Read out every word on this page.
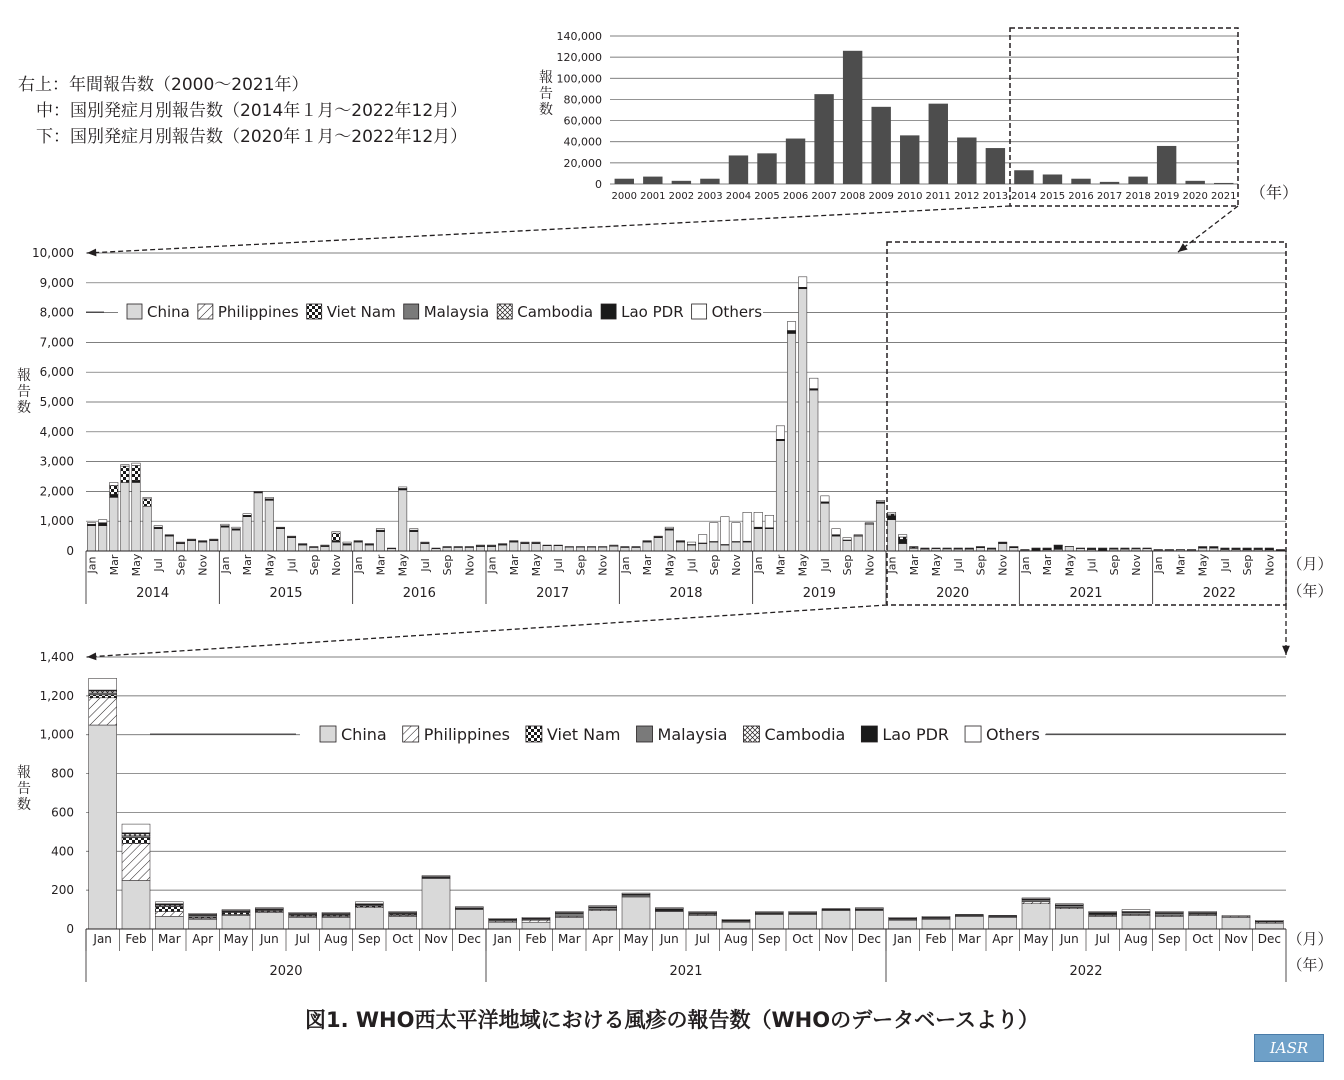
右上：年間報告数（2000～2021年）
中：国別発症月別報告数（2014年１月～2022年12月）
下：国別発症月別報告数（2020年１月～2022年12月）
0
20,000
40,000
60,000
80,000
100,000
120,000
140,000
報告数
2000 2001 2002 2003 2004 2005 2006 2007 2008 2009 2010 2011 2012 2013 2014 2015 2016 2017 2018 2019 2020 2021 （年）
0
1,000
2,000
3,000
4,000
5,000
6,000
7,000
8,000
9,000
10,000
報告数
Jan Mar May Jul Sep Nov Jan Mar May Jul Sep Nov Jan Mar May Jul Sep Nov Jan Mar May Jul Sep Nov Jan Mar May Jul Sep Nov Jan Mar May Jul Sep Nov Jan Mar May Jul Sep Nov Jan Mar May Jul Sep Nov Jan Mar May Jul Sep Nov
2014	2015	2016	2017	2018	2019	2020	2021	2022
（月）
（年）
China Philippines Viet Nam Malaysia Cambodia Lao PDR Others
0
200
400
600
800
1,000
1,200
1,400
報告数
Jan Feb Mar Apr May Jun Jul Aug Sep Oct Nov Dec Jan Feb Mar Apr May Jun Jul Aug Sep Oct Nov Dec Jan Feb Mar Apr May Jun Jul Aug Sep Oct Nov Dec
2020	2021	2022
（月）
（年）
China Philippines Viet Nam Malaysia Cambodia Lao PDR Others
図1. WHO西太平洋地域における風疹の報告数（WHOのデータベースより）
IASR
